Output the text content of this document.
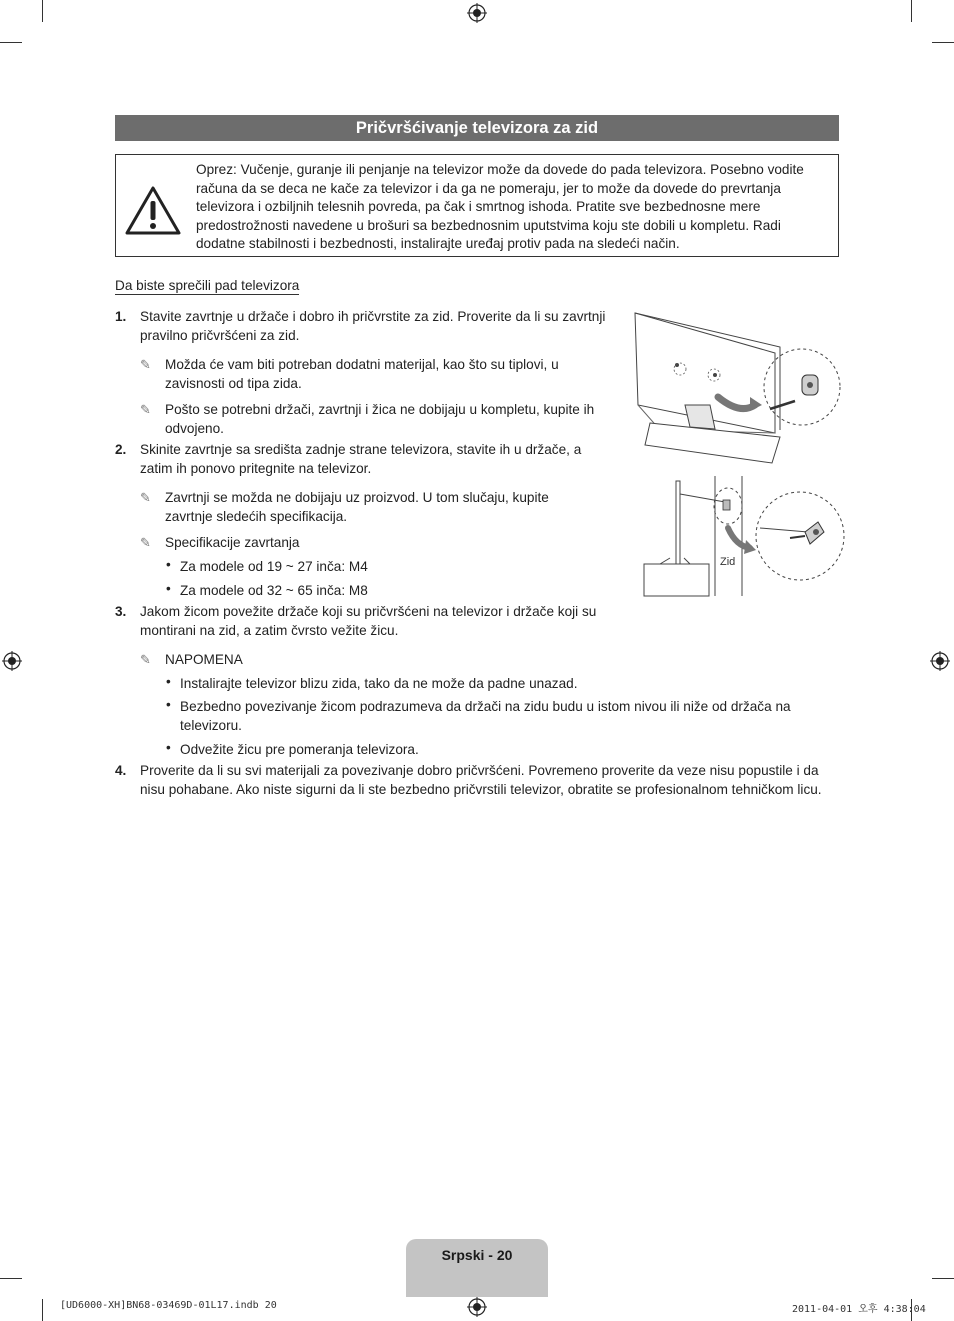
Pričvršćivanje televizora za zid
Oprez: Vučenje, guranje ili penjanje na televizor može da dovede do pada televizora. Posebno vodite računa da se deca ne kače za televizor i da ga ne pomeraju, jer to može da dovede do prevrtanja televizora i ozbiljnih telesnih povreda, pa čak i smrtnog ishoda. Pratite sve bezbednosne mere predostrožnosti navedene u brošuri sa bezbednosnim uputstvima koju ste dobili u kompletu. Radi dodatne stabilnosti i bezbednosti, instalirajte uređaj protiv pada na sledeći način.
Da biste sprečili pad televizora
1. Stavite zavrtnje u držače i dobro ih pričvrstite za zid. Proverite da li su zavrtnji pravilno pričvršćeni za zid.
✎ Možda će vam biti potreban dodatni materijal, kao što su tiplovi, u zavisnosti od tipa zida.
✎ Pošto se potrebni držači, zavrtnji i žica ne dobijaju u kompletu, kupite ih odvojeno.
2. Skinite zavrtnje sa središta zadnje strane televizora, stavite ih u držače, a zatim ih ponovo pritegnite na televizor.
✎ Zavrtnji se možda ne dobijaju uz proizvod. U tom slučaju, kupite zavrtnje sledećih specifikacija.
✎ Specifikacije zavrtanja
• Za modele od 19 ~ 27 inča: M4
• Za modele od 32 ~ 65 inča: M8
3. Jakom žicom povežite držače koji su pričvršćeni na televizor i držače koji su montirani na zid, a zatim čvrsto vežite žicu.
✎ NAPOMENA
• Instalirajte televizor blizu zida, tako da ne može da padne unazad.
• Bezbedno povezivanje žicom podrazumeva da držači na zidu budu u istom nivou ili niže od držača na televizoru.
• Odvežite žicu pre pomeranja televizora.
4. Proverite da li su svi materijali za povezivanje dobro pričvršćeni. Povremeno proverite da veze nisu popustile i da nisu pohabane. Ako niste sigurni da li ste bezbedno pričvrstili televizor, obratite se profesionalnom tehničkom licu.
Zid
Srpski - 20
[UD6000-XH]BN68-03469D-01L17.indb 20	2011-04-01 오후 4:38:04
